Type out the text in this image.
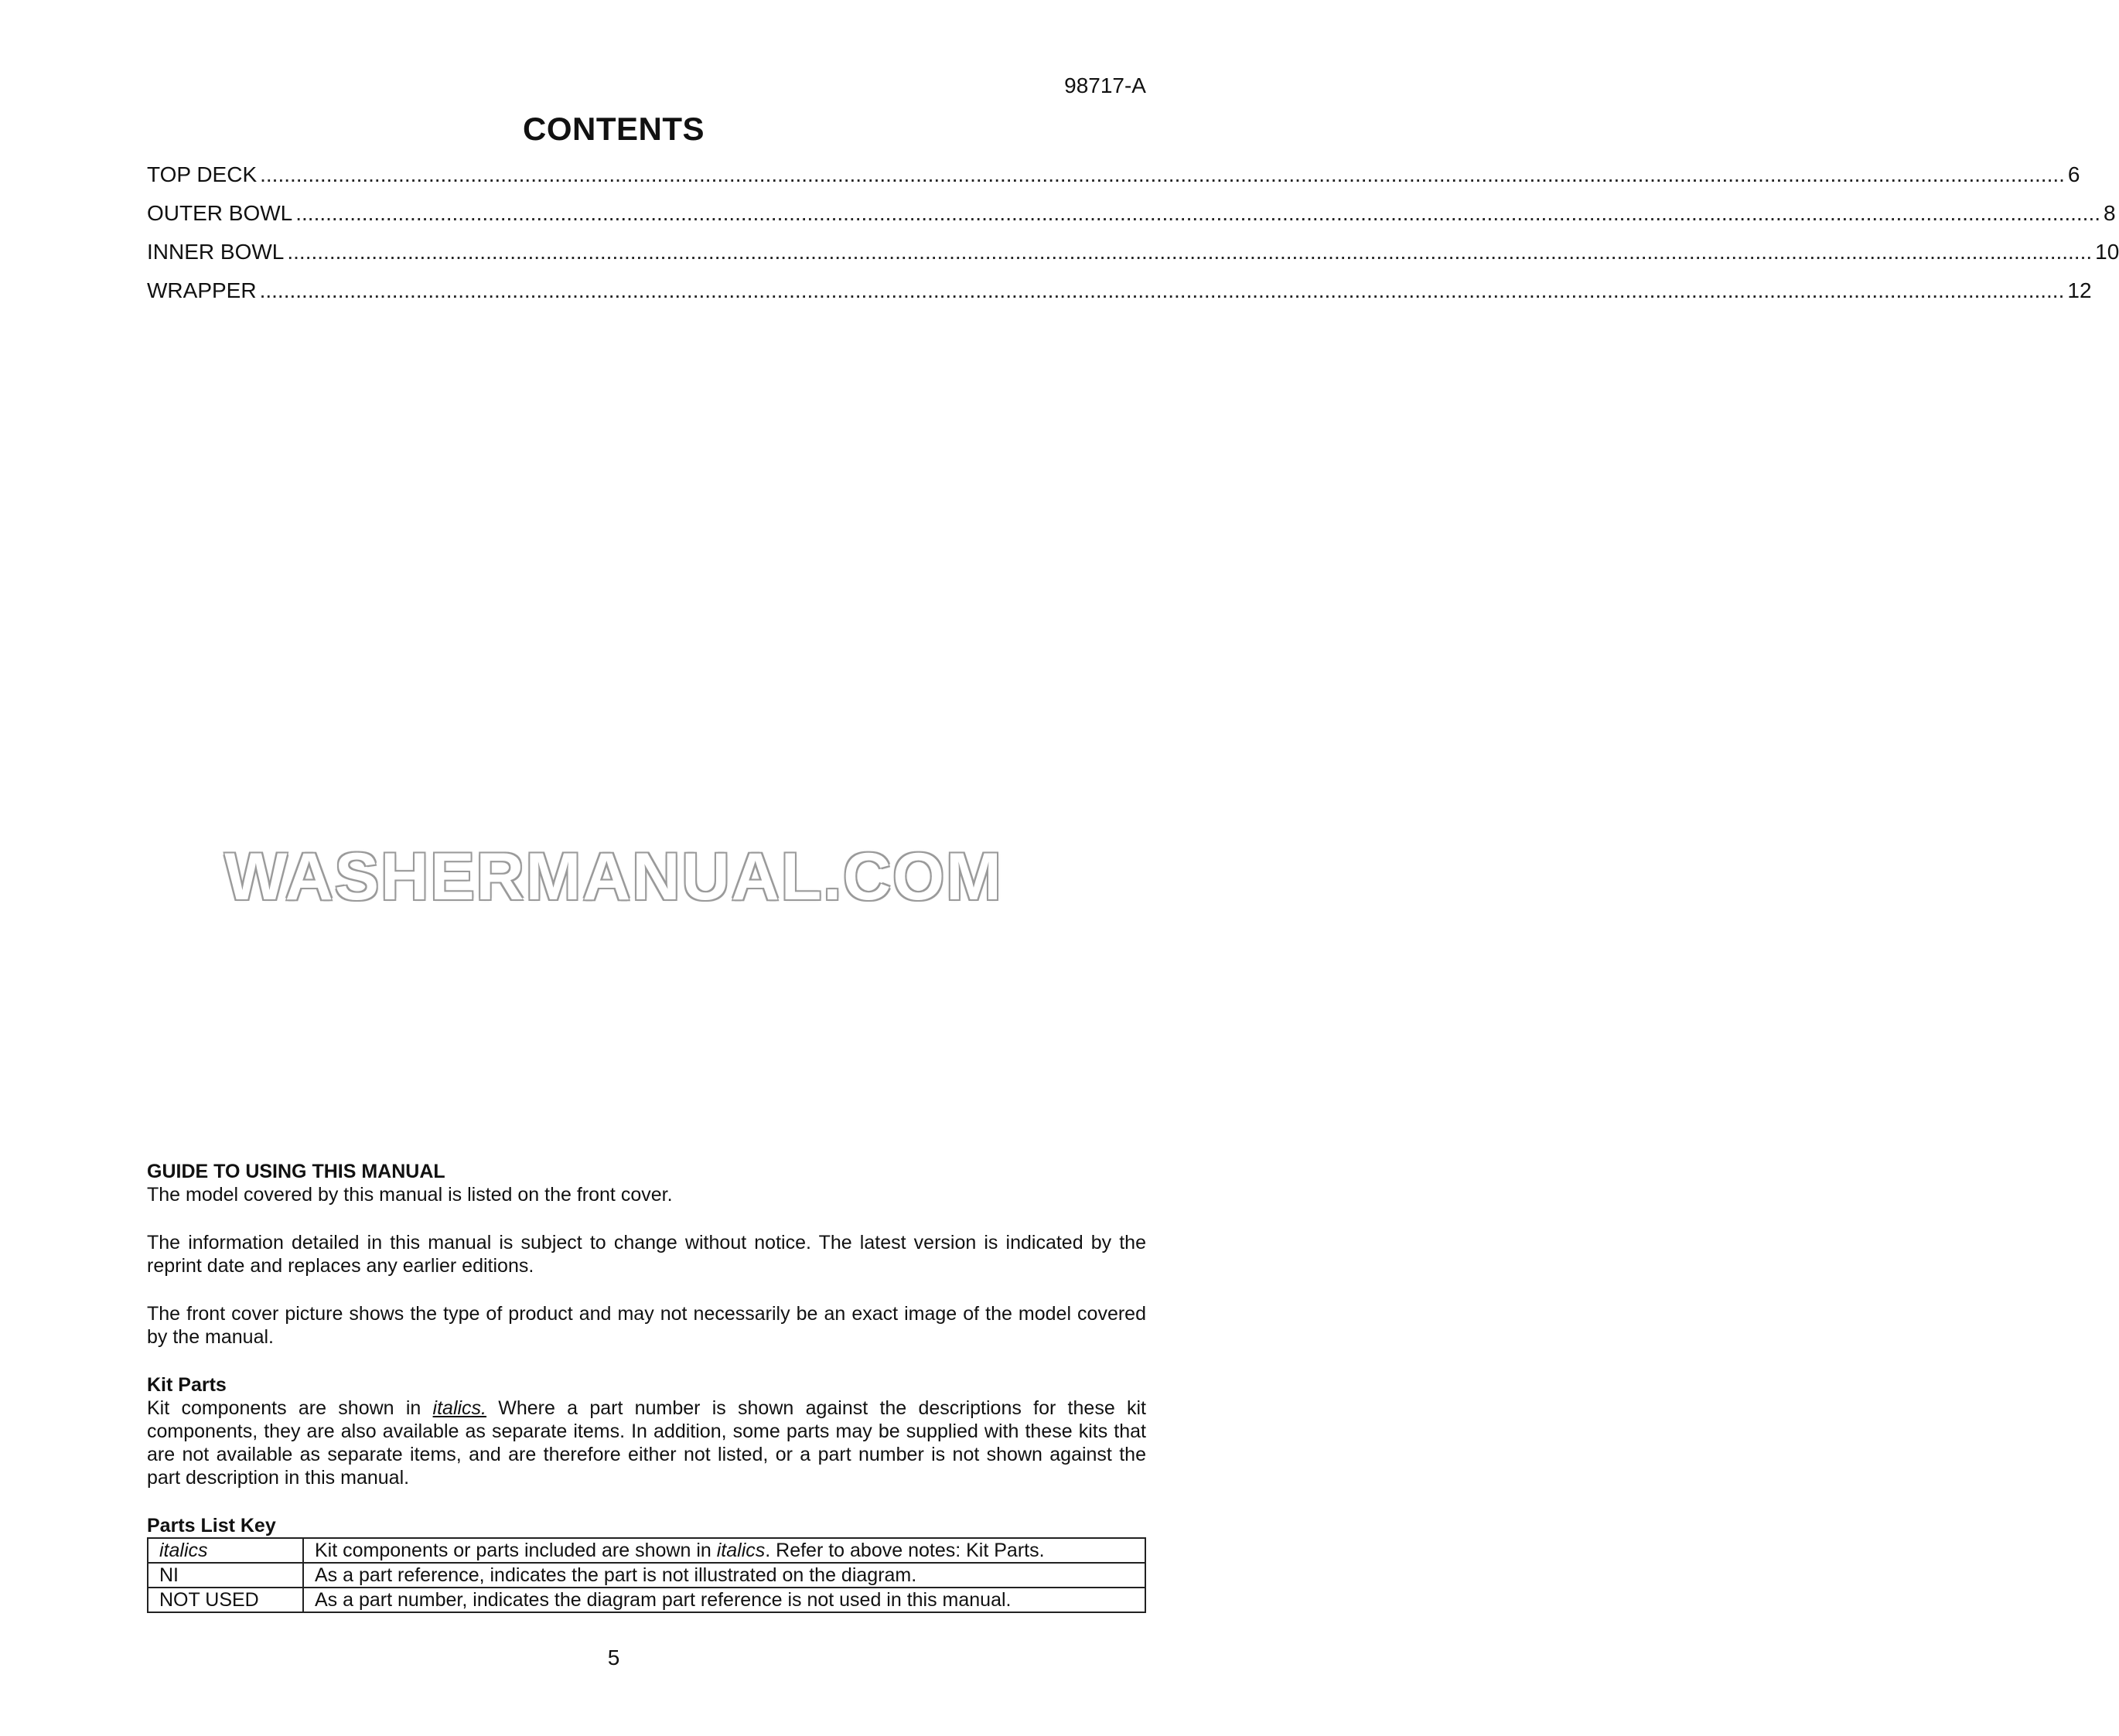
98717-A
CONTENTS
TOP DECK ............................................................................................................................................................................................................................................................................................................ 6
OUTER BOWL ............................................................................................................................................................................................................................................................................................................ 8
INNER BOWL ............................................................................................................................................................................................................................................................................................................ 10
WRAPPER ............................................................................................................................................................................................................................................................................................................ 12
WASHERMANUAL.COM
GUIDE TO USING THIS MANUAL
The model covered by this manual is listed on the front cover.
The information detailed in this manual is subject to change without notice. The latest version is indicated by the reprint date and replaces any earlier editions.
The front cover picture shows the type of product and may not necessarily be an exact image of the model covered by the manual.
Kit Parts
Kit components are shown in italics. Where a part number is shown against the descriptions for these kit components, they are also available as separate items. In addition, some parts may be supplied with these kits that are not available as separate items, and are therefore either not listed, or a part number is not shown against the part description in this manual.
Parts List Key
italics	Kit components or parts included are shown in italics. Refer to above notes: Kit Parts.
NI	As a part reference, indicates the part is not illustrated on the diagram.
NOT USED	As a part number, indicates the diagram part reference is not used in this manual.
5
